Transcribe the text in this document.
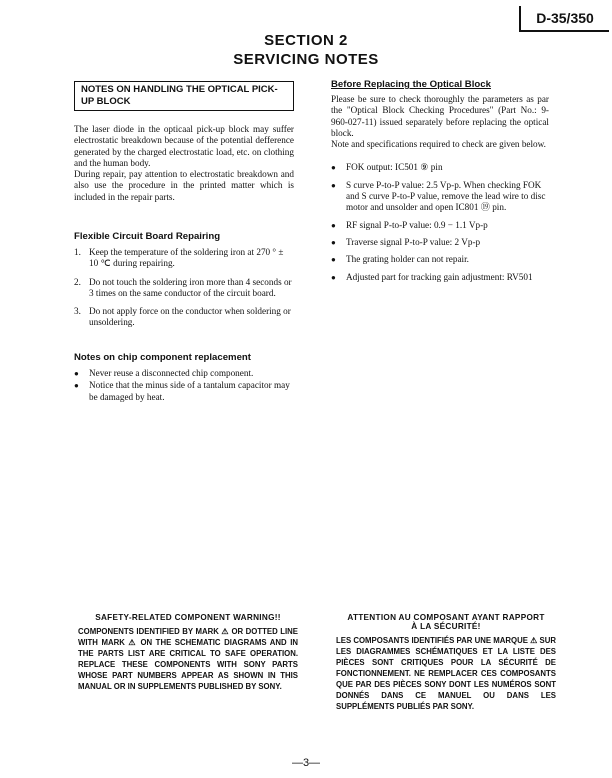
D-35/350
SECTION 2
SERVICING NOTES
NOTES ON HANDLING THE OPTICAL PICK-UP BLOCK

The laser diode in the opticaal pick-up block may suffer electrostatic breakdown because of the potential defference generated by the charged electrostatic load, etc. on clothing and the human body.

During repair, pay attention to electrostatic breakdown and also use the procedure in the printed matter which is included in the repair parts.

Flexible Circuit Board Repairing

1. Keep the temperature of the soldering iron at 270 ° ± 10 ℃ during repairing.
2. Do not touch the soldering iron more than 4 seconds or 3 times on the same conductor of the circuit board.
3. Do not apply force on the conductor when soldering or unsoldering.

Notes on chip component replacement

●	Never reuse a disconnected chip component.
●	Notice that the minus side of a tantalum capacitor may be damaged by heat.

Before Replacing the Optical Block

Please be sure to check thoroughly the parameters as par the "Optical Block Checking Procedures" (Part No.: 9-960-027-11) issued separately before replacing the optical block.

Note and specifications required to check are given below.

●	FOK output: IC501 ⑨ pin
●	S curve P-to-P value: 2.5 Vp-p. When checking FOK and S curve P-to-P value, remove the lead wire to disc motor and unsolder and open IC801 ⑲ pin.
●	RF signal P-to-P value: 0.9 − 1.1 Vp-p
●	Traverse signal P-to-P value: 2 Vp-p
●	The grating holder can not repair.
●	Adjusted part for tracking gain adjustment: RV501

SAFETY-RELATED COMPONENT WARNING!!

COMPONENTS IDENTIFIED BY MARK ⚠ OR DOTTED LINE WITH MARK ⚠ ON THE SCHEMATIC DIAGRAMS AND IN THE PARTS LIST ARE CRITICAL TO SAFE OPERATION. REPLACE THESE COMPONENTS WITH SONY PARTS WHOSE PART NUMBERS APPEAR AS SHOWN IN THIS MANUAL OR IN SUPPLEMENTS PUBLISHED BY SONY.

ATTENTION AU COMPOSANT AYANT RAPPORT

À LA SÉCURITÉ!

LES COMPOSANTS IDENTIFIÉS PAR UNE MARQUE ⚠ SUR LES DIAGRAMMES SCHÉMATIQUES ET LA LISTE DES PIÈCES SONT CRITIQUES POUR LA SÉCURITÉ DE FONCTIONNEMENT. NE REMPLACER CES COMPOSANTS QUE PAR DES PIÈCES SONY DONT LES NUMÉROS SONT DONNÉS DANS CE MANUEL OU DANS LES SUPPLÉMENTS PUBLIÉS PAR SONY.

—3—
